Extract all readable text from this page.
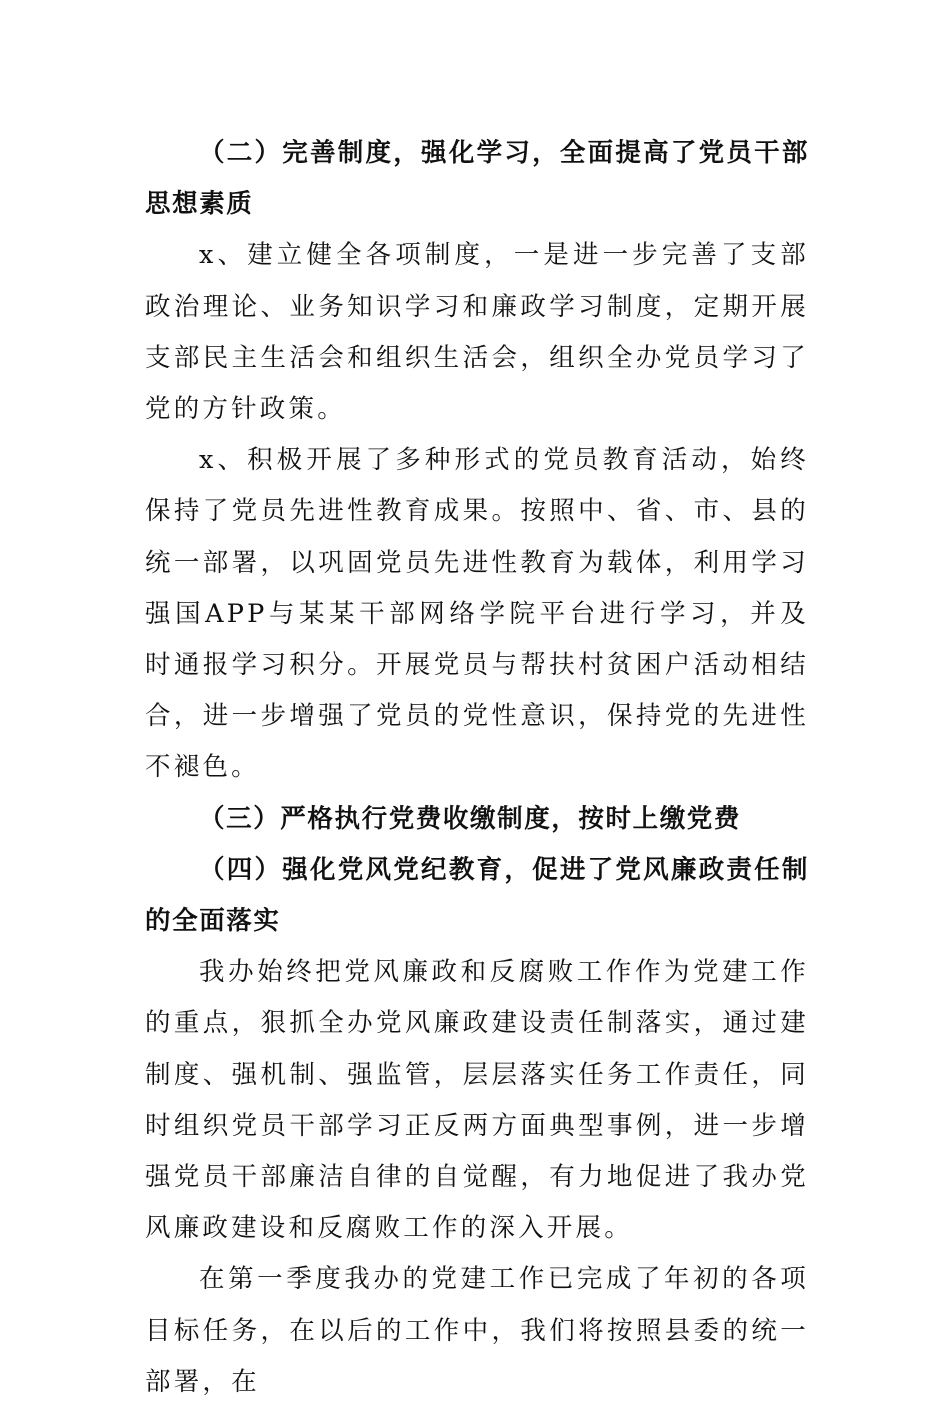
（二）完善制度，强化学习，全面提高了党员干部思想素质

x、建立健全各项制度，一是进一步完善了支部政治理论、业务知识学习和廉政学习制度，定期开展支部民主生活会和组织生活会，组织全办党员学习了党的方针政策。

x、积极开展了多种形式的党员教育活动，始终保持了党员先进性教育成果。按照中、省、市、县的统一部署，以巩固党员先进性教育为载体，利用学习强国APP与某某干部网络学院平台进行学习，并及时通报学习积分。开展党员与帮扶村贫困户活动相结合，进一步增强了党员的党性意识，保持党的先进性不褪色。

（三）严格执行党费收缴制度，按时上缴党费

（四）强化党风党纪教育，促进了党风廉政责任制的全面落实

我办始终把党风廉政和反腐败工作作为党建工作的重点，狠抓全办党风廉政建设责任制落实，通过建制度、强机制、强监管，层层落实任务工作责任，同时组织党员干部学习正反两方面典型事例，进一步增强党员干部廉洁自律的自觉醒，有力地促进了我办党风廉政建设和反腐败工作的深入开展。

在第一季度我办的党建工作已完成了年初的各项目标任务，在以后的工作中，我们将按照县委的统一部署，在
